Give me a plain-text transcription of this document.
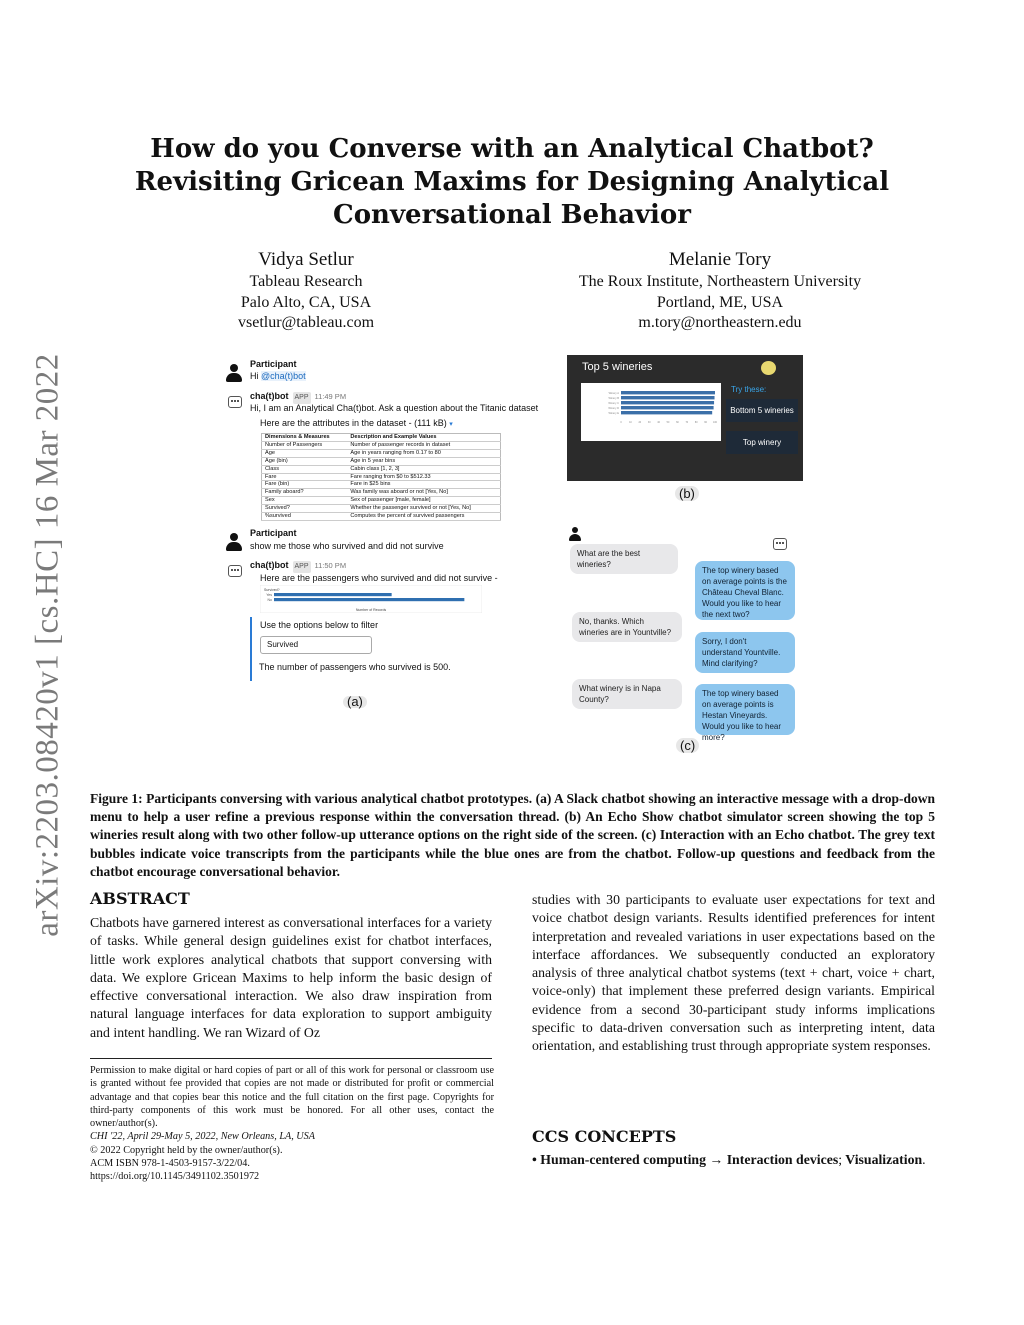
arXiv:2203.08420v1 [cs.HC] 16 Mar 2022
How do you Converse with an Analytical Chatbot?
Revisiting Gricean Maxims for Designing Analytical
Conversational Behavior
Vidya Setlur
Tableau Research
Palo Alto, CA, USA
vsetlur@tableau.com
Melanie Tory
The Roux Institute, Northeastern University
Portland, ME, USA
m.tory@northeastern.edu
Participant
Hi @cha(t)bot
cha(t)bot APP 11:49 PM
Hi, I am an Analytical Cha(t)bot. Ask a question about the Titanic dataset
Here are the attributes in the dataset - (111 kB) ▾
Dimensions & Measures	Description and Example Values
Number of Passengers	Number of passenger records in dataset
Age	Age in years ranging from 0.17 to 80
Age (bin)	Age in 5 year bins
Class	Cabin class [1, 2, 3]
Fare	Fare ranging from $0 to $512.33
Fare (bin)	Fare in $25 bins
Family aboard?	Was family was aboard or not [Yes, No]
Sex	Sex of passenger [male, female]
Survived?	Whether the passenger survived or not [Yes, No]
%survived	Computes the percent of survived passengers
Participant
show me those who survived and did not survive
cha(t)bot APP 11:50 PM
Here are the passengers who survived and did not survive -
Survived?
Yes
No
Number of Records
Use the options below to filter
Survived
The number of passengers who survived is 500.
(a)
Top 5 wineries
Winery A
Winery B
Winery C
Winery D
Winery E
0	10	20	30	40	50	60	70	80	90	100
Try these:
Bottom 5 wineries
Top winery
(b)
What are the best wineries?
The top winery based on average points is the Château Cheval Blanc. Would you like to hear the next two?
No, thanks. Which wineries are in Yountville?
Sorry, I don't understand Yountville. Mind clarifying?
What winery is in Napa County?
The top winery based on average points is Hestan Vineyards. Would you like to hear more?
(c)
Figure 1: Participants conversing with various analytical chatbot prototypes. (a) A Slack chatbot showing an interactive message with a drop-down menu to help a user refine a previous response within the conversation thread. (b) An Echo Show chatbot simulator screen showing the top 5 wineries result along with two other follow-up utterance options on the right side of the screen. (c) Interaction with an Echo chatbot. The grey text bubbles indicate voice transcripts from the participants while the blue ones are from the chatbot. Follow-up questions and feedback from the chatbot encourage conversational behavior.
ABSTRACT
Chatbots have garnered interest as conversational interfaces for a variety of tasks. While general design guidelines exist for chatbot interfaces, little work explores analytical chatbots that support conversing with data. We explore Gricean Maxims to help inform the basic design of effective conversational interaction. We also draw inspiration from natural language interfaces for data exploration to support ambiguity and intent handling. We ran Wizard of Oz
studies with 30 participants to evaluate user expectations for text and voice chatbot design variants. Results identified preferences for intent interpretation and revealed variations in user expectations based on the interface affordances. We subsequently conducted an exploratory analysis of three analytical chatbot systems (text + chart, voice + chart, voice-only) that implement these preferred design variants. Empirical evidence from a second 30-participant study informs implications specific to data-driven conversation such as interpreting intent, data orientation, and establishing trust through appropriate system responses.
Permission to make digital or hard copies of part or all of this work for personal or classroom use is granted without fee provided that copies are not made or distributed for profit or commercial advantage and that copies bear this notice and the full citation on the first page. Copyrights for third-party components of this work must be honored. For all other uses, contact the owner/author(s).
CHI '22, April 29-May 5, 2022, New Orleans, LA, USA
© 2022 Copyright held by the owner/author(s).
ACM ISBN 978-1-4503-9157-3/22/04.
https://doi.org/10.1145/3491102.3501972
CCS CONCEPTS
• Human-centered computing → Interaction devices; Visualization.
